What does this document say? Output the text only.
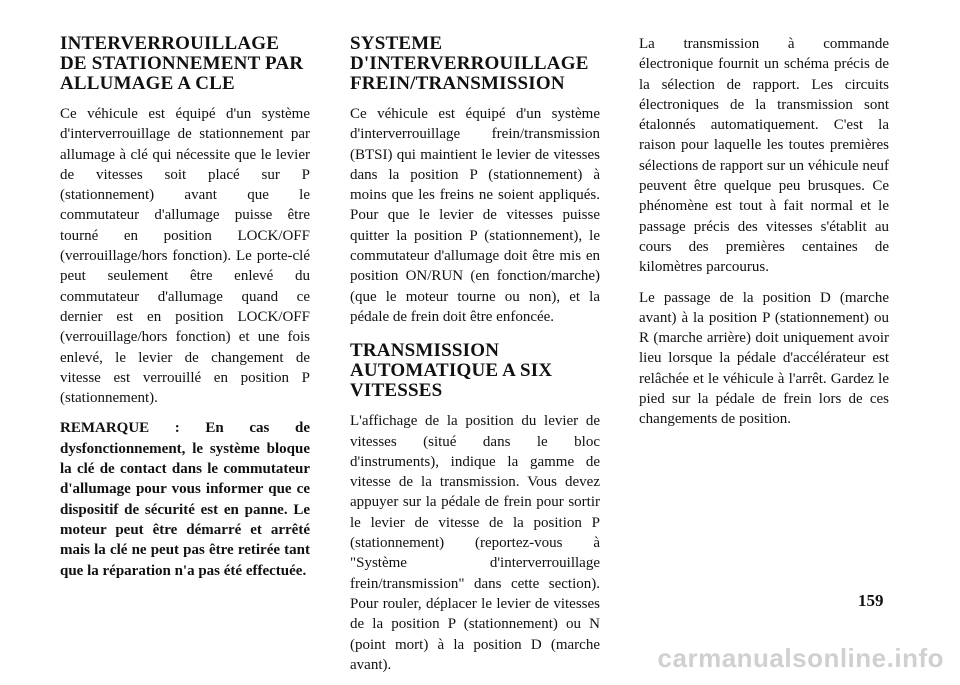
INTERVERROUILLAGE DE STATIONNEMENT PAR ALLUMAGE A CLE

Ce véhicule est équipé d'un système d'interverrouillage de stationnement par allumage à clé qui nécessite que le levier de vitesses soit placé sur P (stationnement) avant que le commutateur d'allumage puisse être tourné en position LOCK/OFF (verrouillage/hors fonction). Le porte-clé peut seulement être enlevé du commutateur d'allumage quand ce dernier est en position LOCK/OFF (verrouillage/hors fonction) et une fois enlevé, le levier de changement de vitesse est verrouillé en position P (stationnement).

REMARQUE : En cas de dysfonctionnement, le système bloque la clé de contact dans le commutateur d'allumage pour vous informer que ce dispositif de sécurité est en panne. Le moteur peut être démarré et arrêté mais la clé ne peut pas être retirée tant que la réparation n'a pas été effectuée.

SYSTEME D'INTERVERROUILLAGE FREIN/TRANSMISSION

Ce véhicule est équipé d'un système d'interverrouillage frein/transmission (BTSI) qui maintient le levier de vitesses dans la position P (stationnement) à moins que les freins ne soient appliqués. Pour que le levier de vitesses puisse quitter la position P (stationnement), le commutateur d'allumage doit être mis en position ON/RUN (en fonction/marche) (que le moteur tourne ou non), et la pédale de frein doit être enfoncée.

TRANSMISSION AUTOMATIQUE A SIX VITESSES

L'affichage de la position du levier de vitesses (situé dans le bloc d'instruments), indique la gamme de vitesse de la transmission. Vous devez appuyer sur la pédale de frein pour sortir le levier de vitesse de la position P (stationnement) (reportez-vous à "Système d'interverrouillage frein/transmission" dans cette section). Pour rouler, déplacer le levier de vitesses de la position P (stationnement) ou N (point mort) à la position D (marche avant).

La transmission à commande électronique fournit un schéma précis de la sélection de rapport. Les circuits électroniques de la transmission sont étalonnés automatiquement. C'est la raison pour laquelle les toutes premières sélections de rapport sur un véhicule neuf peuvent être quelque peu brusques. Ce phénomène est tout à fait normal et le passage précis des vitesses s'établit au cours des premières centaines de kilomètres parcourus.

Le passage de la position D (marche avant) à la position P (stationnement) ou R (marche arrière) doit uniquement avoir lieu lorsque la pédale d'accélérateur est relâchée et le véhicule à l'arrêt. Gardez le pied sur la pédale de frein lors de ces changements de position.

159
carmanualsonline.info
